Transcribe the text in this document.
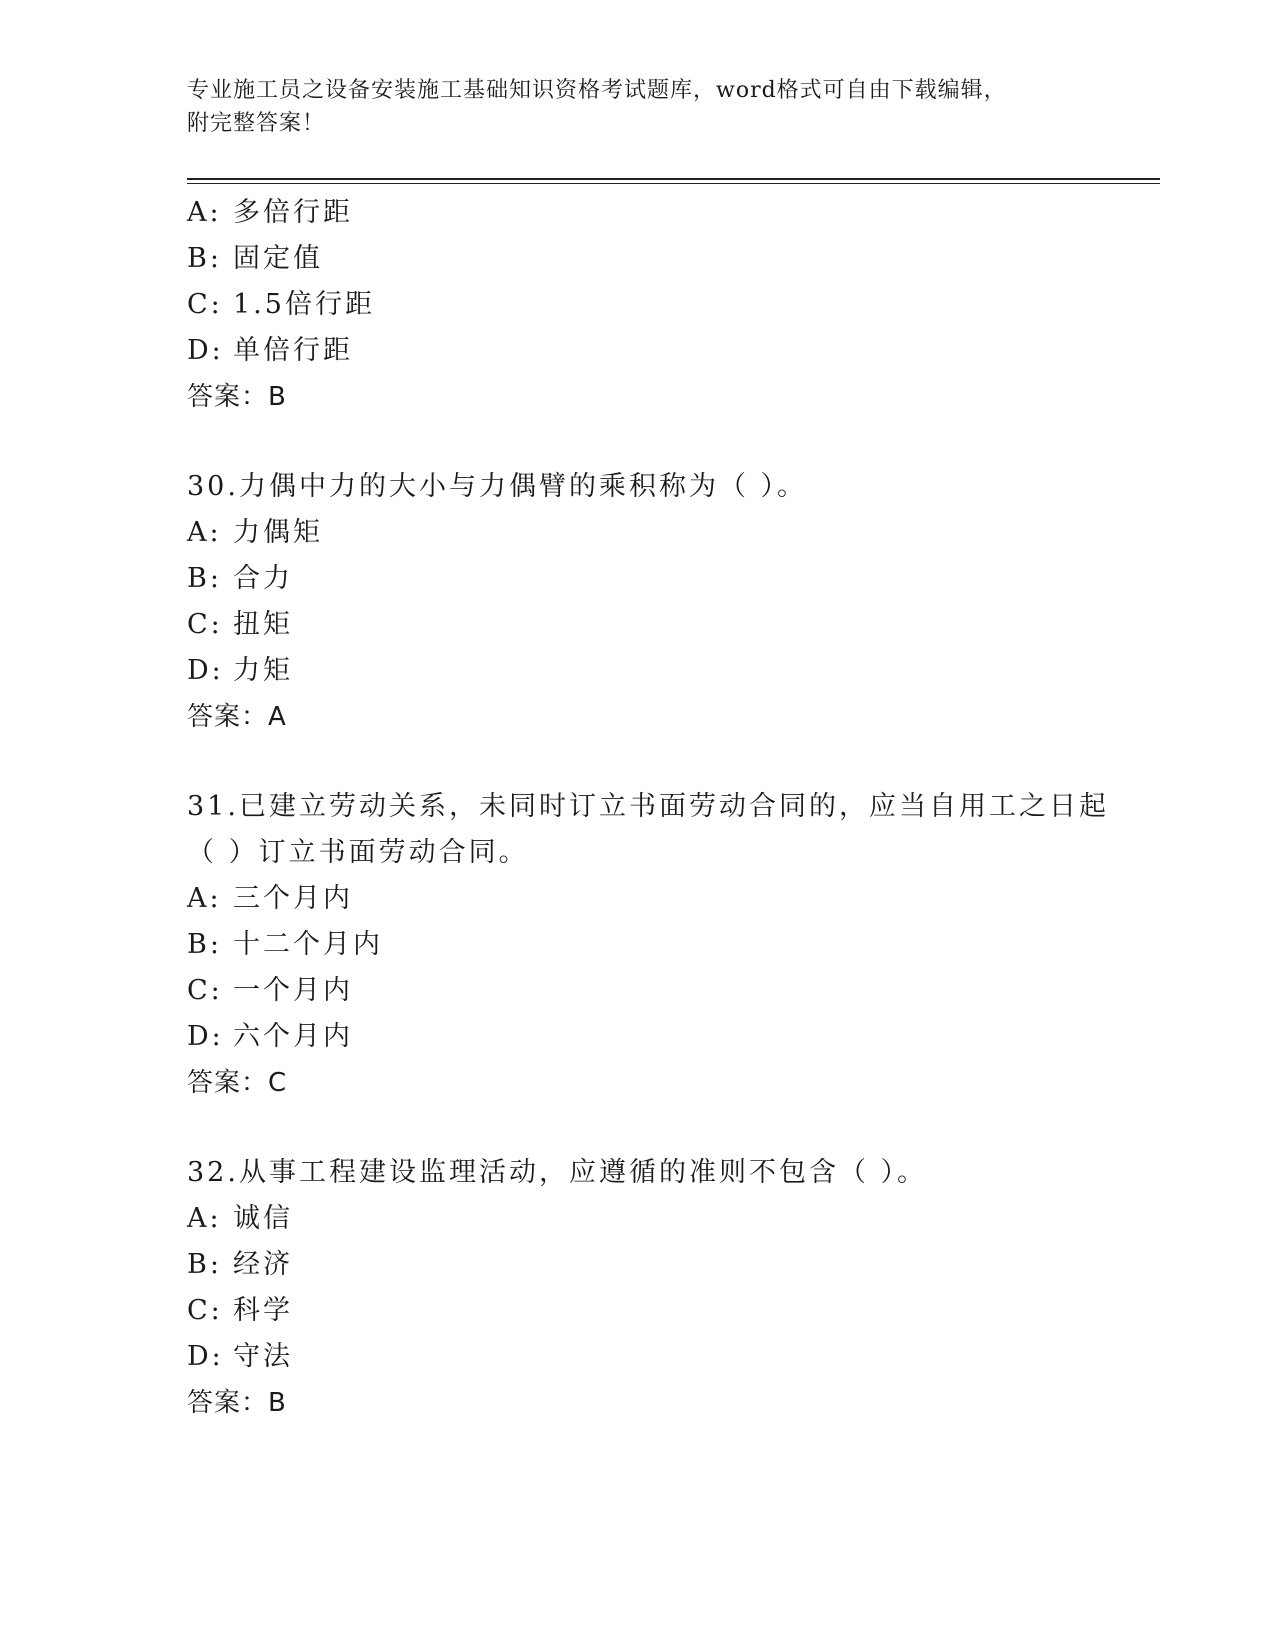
专业施工员之设备安装施工基础知识资格考试题库，word格式可自由下载编辑，
附完整答案！
A: 多倍行距
B: 固定值
C: 1.5倍行距
D: 单倍行距
答案：B
30.力偶中力的大小与力偶臂的乘积称为（ ）。
A: 力偶矩
B: 合力
C: 扭矩
D: 力矩
答案：A
31.已建立劳动关系，未同时订立书面劳动合同的，应当自用工之日起
（ ）订立书面劳动合同。
A: 三个月内
B: 十二个月内
C: 一个月内
D: 六个月内
答案：C
32.从事工程建设监理活动，应遵循的准则不包含（ ）。
A: 诚信
B: 经济
C: 科学
D: 守法
答案：B
